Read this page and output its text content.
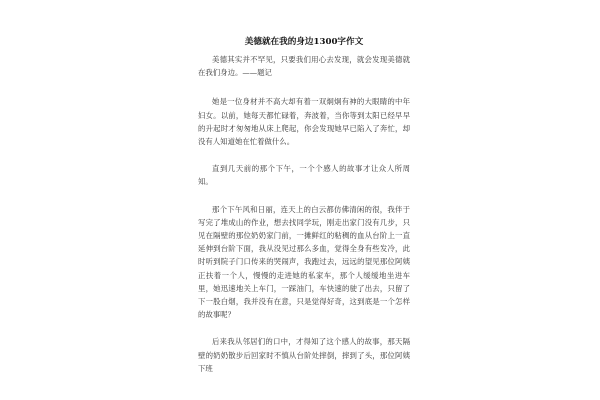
美德就在我的身边1300字作文

美德其实并不罕见，只要我们用心去发现，就会发现美德就在我们身边。——题记

她是一位身材并不高大却有着一双炯炯有神的大眼睛的中年妇女。以前，她每天都忙碌着，奔波着，当你等到太阳已经早早的升起时才匆匆地从床上爬起，你会发现她早已陷入了奔忙，却没有人知道她在忙着做什么。

直到几天前的那个下午，一个个感人的故事才让众人所周知。

那个下午风和日丽，连天上的白云都仿佛清闲的很，我伴于写完了堆成山的作业，想去找同学玩，刚走出家门没有几步，只见在隔壁的那位奶奶家门前，一摊鲜红的粘稠的血从台阶上一直延伸到台阶下面，我从没见过那么多血，觉得全身有些发冷，此时听到院子门口传来的哭闹声，我跑过去，远远的望见那位阿姨正扶着一个人，慢慢的走进她的私家车，那个人缓缓地坐进车里，她迅速地关上车门，一踩油门，车快速的驶了出去，只留了下一股白烟，我并没有在意，只是觉得好奇，这到底是一个怎样的故事呢？

后来我从邻居们的口中，才得知了这个感人的故事，那天隔壁的奶奶散步后回家时不慎从台阶处摔倒，摔到了头，那位阿姨下班
